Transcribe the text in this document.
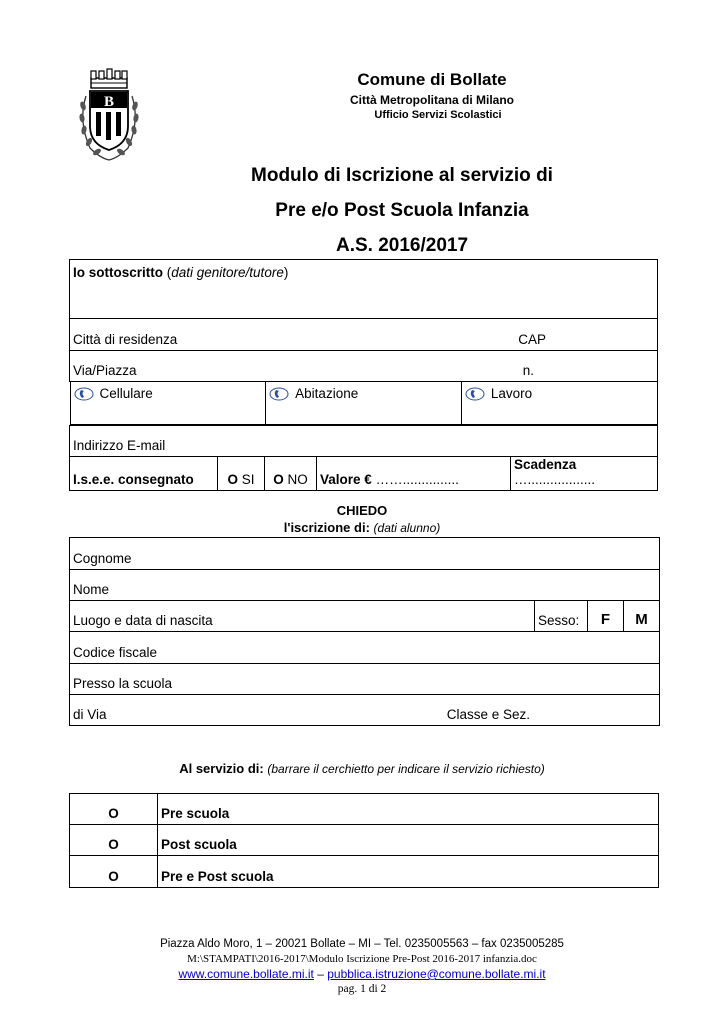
B
Comune di Bollate
Città Metropolitana di Milano
Ufficio Servizi Scolastici
Modulo di Iscrizione al servizio di
Pre e/o Post Scuola Infanzia
A.S. 2016/2017
Io sottoscritto (dati genitore/tutore)

Città di residenza	CAP

Via/Piazza	n.

Cellulare	Abitazione	Lavoro

Indirizzo E-mail

I.s.e.e. consegnato	O SI	O NO	Valore € ……...............

Scadenza …..................
CHIEDO
l'iscrizione di: (dati alunno)
Cognome

Nome

Luogo e data di nascita	Sesso:	F	M

Codice fiscale

Presso la scuola

di Via	Classe e Sez.
Al servizio di: (barrare il cerchietto per indicare il servizio richiesto)
O	Pre scuola

O	Post scuola

O	Pre e Post scuola
Piazza Aldo Moro, 1 – 20021 Bollate – MI – Tel. 0235005563 – fax 0235005285
M:\STAMPATI\2016-2017\Modulo Iscrizione Pre-Post 2016-2017 infanzia.doc
www.comune.bollate.mi.it – pubblica.istruzione@comune.bollate.mi.it
pag. 1 di 2
